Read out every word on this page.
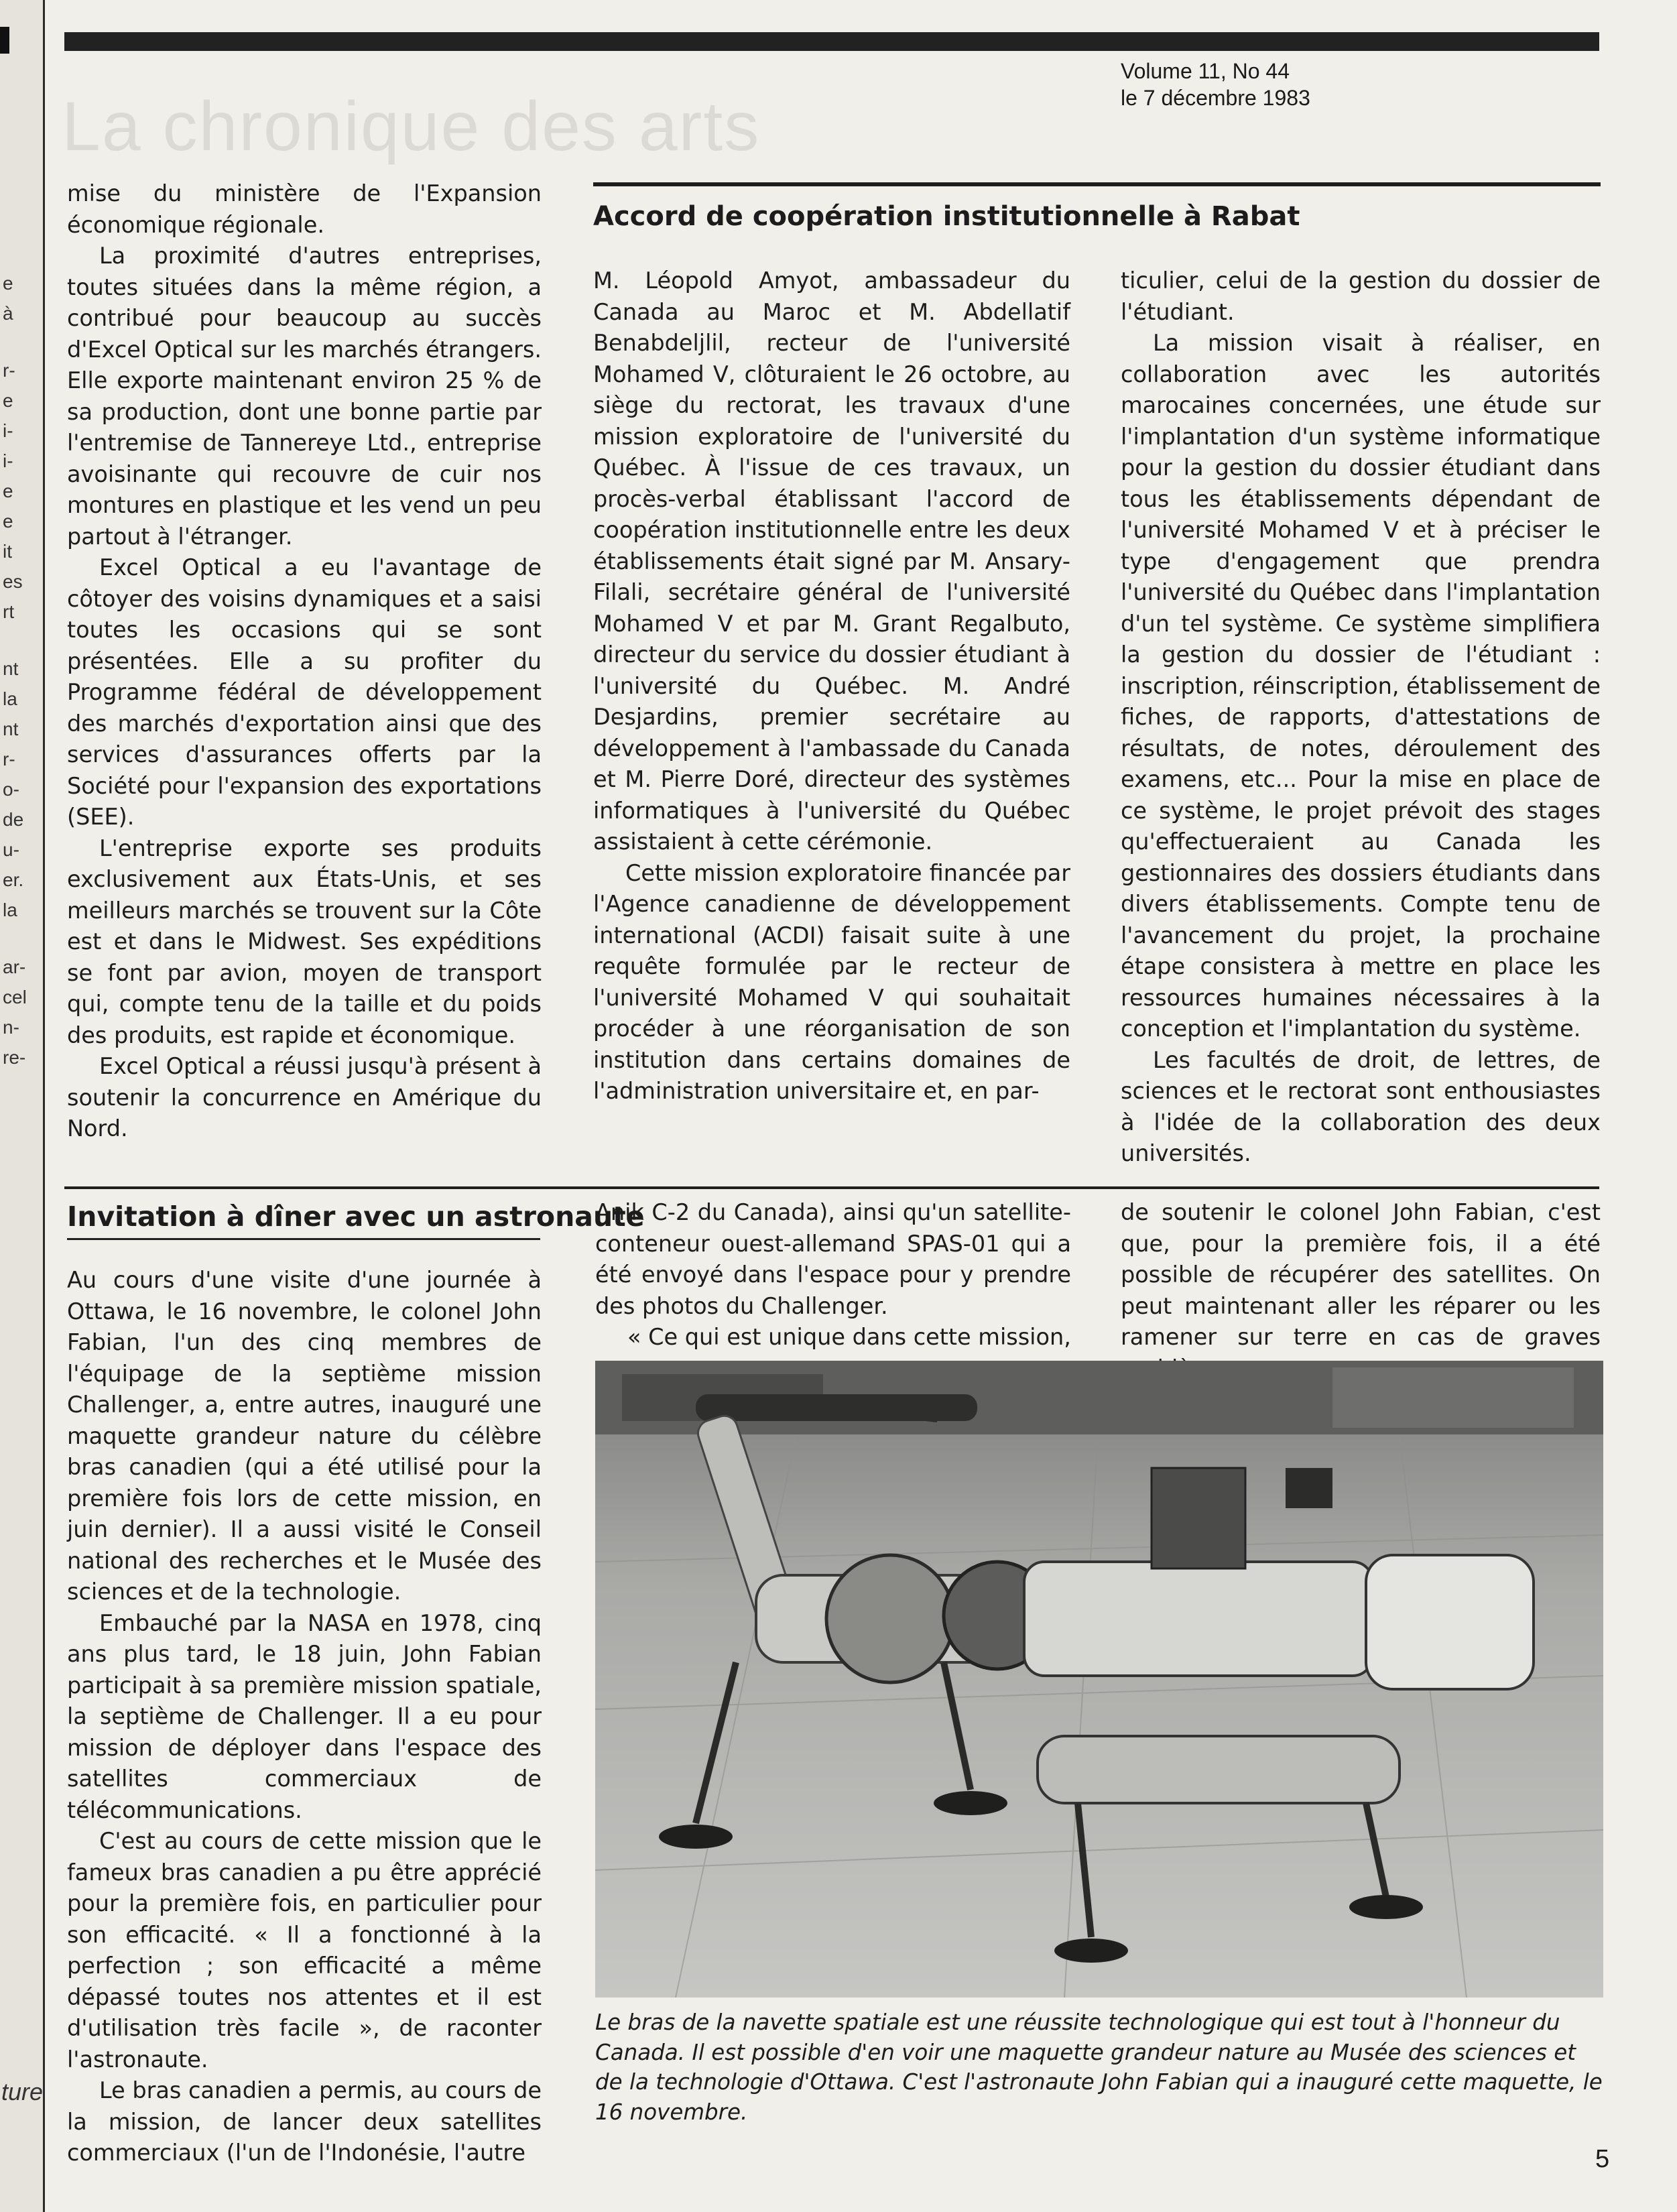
e
à
r-
e
i-
i-
e
e
it
es
rt
nt
la
nt
r-
o-
de
u-
er.
la
ar-
cel
n-
re-
ture
La chronique des arts
Volume 11, No 44
le 7 décembre 1983

mise du ministère de l'Expansion économique régionale.

La proximité d'autres entreprises, toutes situées dans la même région, a contribué pour beaucoup au succès d'Excel Optical sur les marchés étrangers. Elle exporte maintenant environ 25 % de sa production, dont une bonne partie par l'entremise de Tannereye Ltd., entreprise avoisinante qui recouvre de cuir nos montures en plastique et les vend un peu partout à l'étranger.

Excel Optical a eu l'avantage de côtoyer des voisins dynamiques et a saisi toutes les occasions qui se sont présentées. Elle a su profiter du Programme fédéral de développement des marchés d'exportation ainsi que des services d'assurances offerts par la Société pour l'expansion des exportations (SEE).

L'entreprise exporte ses produits exclusivement aux États-Unis, et ses meilleurs marchés se trouvent sur la Côte est et dans le Midwest. Ses expéditions se font par avion, moyen de transport qui, compte tenu de la taille et du poids des produits, est rapide et économique.

Excel Optical a réussi jusqu'à présent à soutenir la concurrence en Amérique du Nord.

Accord de coopération institutionnelle à Rabat

M. Léopold Amyot, ambassadeur du Canada au Maroc et M. Abdellatif Benabdeljlil, recteur de l'université Mohamed V, clôturaient le 26 octobre, au siège du rectorat, les travaux d'une mission exploratoire de l'université du Québec. À l'issue de ces travaux, un procès-verbal établissant l'accord de coopération institutionnelle entre les deux établissements était signé par M. Ansary-Filali, secrétaire général de l'université Mohamed V et par M. Grant Regalbuto, directeur du service du dossier étudiant à l'université du Québec. M. André Desjardins, premier secrétaire au développement à l'ambassade du Canada et M. Pierre Doré, directeur des systèmes informatiques à l'université du Québec assistaient à cette cérémonie.

Cette mission exploratoire financée par l'Agence canadienne de développement international (ACDI) faisait suite à une requête formulée par le recteur de l'université Mohamed V qui souhaitait procéder à une réorganisation de son institution dans certains domaines de l'administration universitaire et, en par-

ticulier, celui de la gestion du dossier de l'étudiant.

La mission visait à réaliser, en collaboration avec les autorités marocaines concernées, une étude sur l'implantation d'un système informatique pour la gestion du dossier étudiant dans tous les établissements dépendant de l'université Mohamed V et à préciser le type d'engagement que prendra l'université du Québec dans l'implantation d'un tel système. Ce système simplifiera la gestion du dossier de l'étudiant : inscription, réinscription, établissement de fiches, de rapports, d'attestations de résultats, de notes, déroulement des examens, etc... Pour la mise en place de ce système, le projet prévoit des stages qu'effectueraient au Canada les gestionnaires des dossiers étudiants dans divers établissements. Compte tenu de l'avancement du projet, la prochaine étape consistera à mettre en place les ressources humaines nécessaires à la conception et l'implantation du système.

Les facultés de droit, de lettres, de sciences et le rectorat sont enthousiastes à l'idée de la collaboration des deux universités.

Invitation à dîner avec un astronaute

Au cours d'une visite d'une journée à Ottawa, le 16 novembre, le colonel John Fabian, l'un des cinq membres de l'équipage de la septième mission Challenger, a, entre autres, inauguré une maquette grandeur nature du célèbre bras canadien (qui a été utilisé pour la première fois lors de cette mission, en juin dernier). Il a aussi visité le Conseil national des recherches et le Musée des sciences et de la technologie.

Embauché par la NASA en 1978, cinq ans plus tard, le 18 juin, John Fabian participait à sa première mission spatiale, la septième de Challenger. Il a eu pour mission de déployer dans l'espace des satellites commerciaux de télécommunications.

C'est au cours de cette mission que le fameux bras canadien a pu être apprécié pour la première fois, en particulier pour son efficacité. « Il a fonctionné à la perfection ; son efficacité a même dépassé toutes nos attentes et il est d'utilisation très facile », de raconter l'astronaute.

Le bras canadien a permis, au cours de la mission, de lancer deux satellites commerciaux (l'un de l'Indonésie, l'autre

Anik C-2 du Canada), ainsi qu'un satellite-conteneur ouest-allemand SPAS-01 qui a été envoyé dans l'espace pour y prendre des photos du Challenger.

« Ce qui est unique dans cette mission,

de soutenir le colonel John Fabian, c'est que, pour la première fois, il a été possible de récupérer des satellites. On peut maintenant aller les réparer ou les ramener sur terre en cas de graves

Le bras de la navette spatiale est une réussite technologique qui est tout à l'honneur du Canada. Il est possible d'en voir une maquette grandeur nature au Musée des sciences et de la technologie d'Ottawa. C'est l'astronaute John Fabian qui a inauguré cette maquette, le 16 novembre.
5
